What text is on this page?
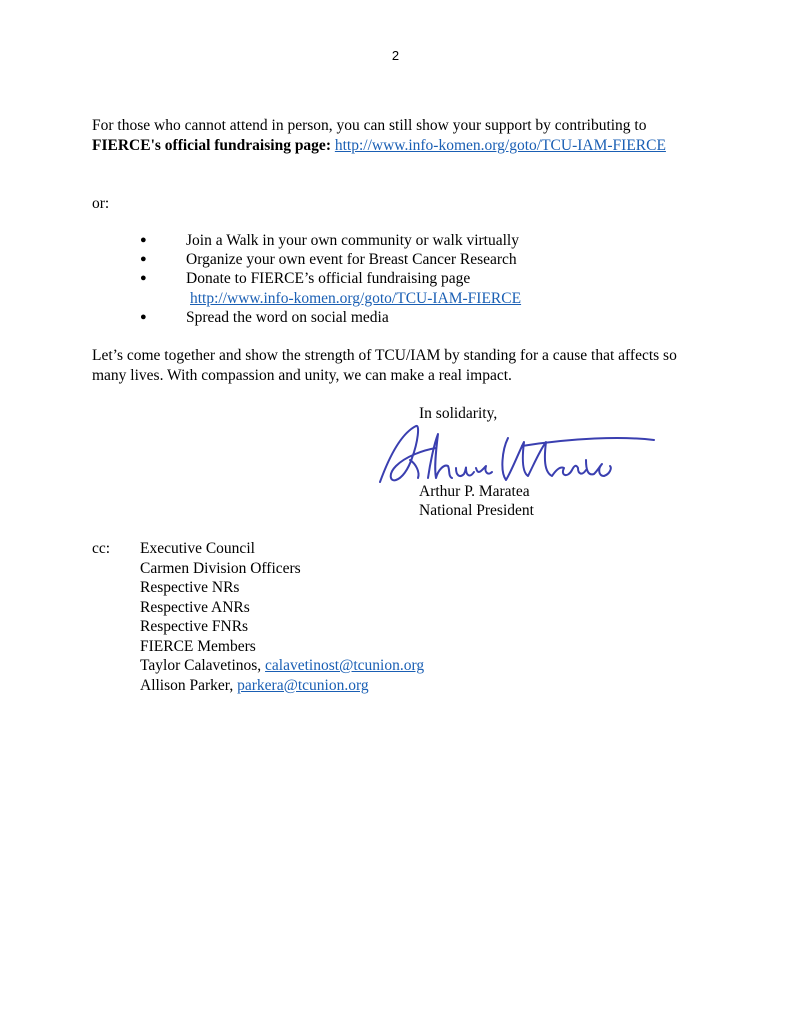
2

For those who cannot attend in person, you can still show your support by contributing to FIERCE's official fundraising page: http://www.info-komen.org/goto/TCU-IAM-FIERCE

or:

●	Join a Walk in your own community or walk virtually
●	Organize your own event for Breast Cancer Research
●	Donate to FIERCE’s official fundraising page
http://www.info-komen.org/goto/TCU-IAM-FIERCE
●	Spread the word on social media

Let’s come together and show the strength of TCU/IAM by standing for a cause that affects so many lives. With compassion and unity, we can make a real impact.

In solidarity,
Arthur P. Maratea
National President
cc: Executive Council
Carmen Division Officers
Respective NRs
Respective ANRs
Respective FNRs
FIERCE Members
Taylor Calavetinos, calavetinost@tcunion.org
Allison Parker, parkera@tcunion.org
